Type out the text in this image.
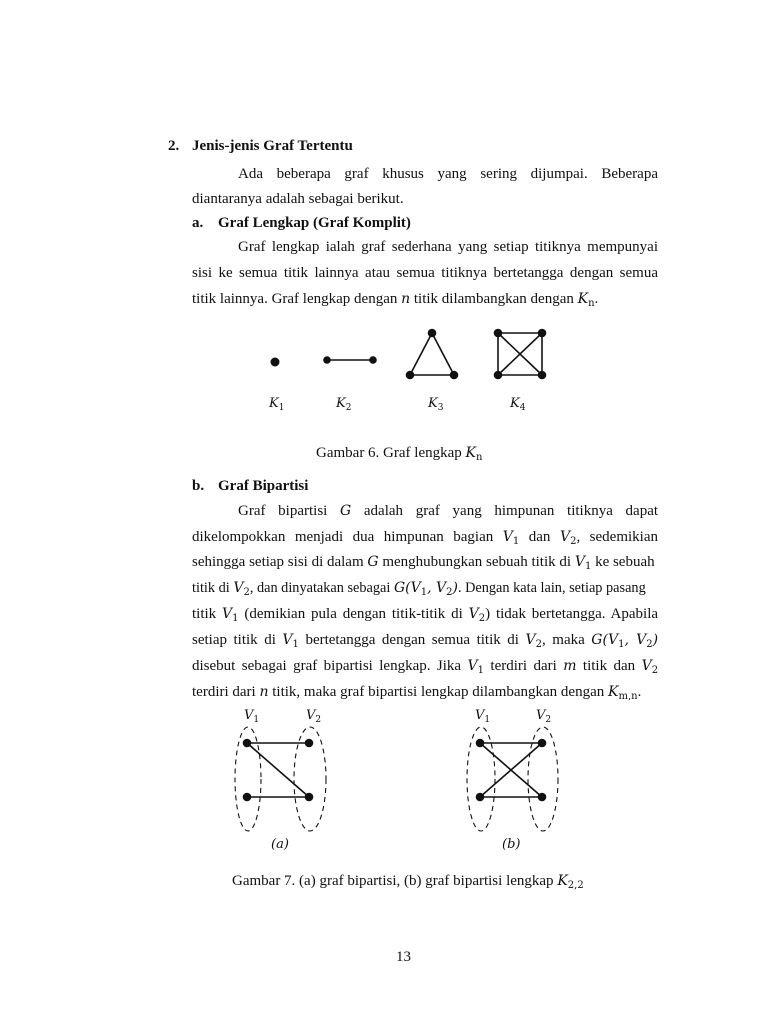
2. Jenis-jenis Graf Tertentu
Ada beberapa graf khusus yang sering dijumpai. Beberapa
diantaranya adalah sebagai berikut.
a. Graf Lengkap (Graf Komplit)
Graf lengkap ialah graf sederhana yang setiap titiknya mempunyai
sisi ke semua titik lainnya atau semua titiknya bertetangga dengan semua
titik lainnya. Graf lengkap dengan n titik dilambangkan dengan $K_n$.
$K_1$	$K_2$	$K_3$	$K_4$
Gambar 6. Graf lengkap $K_n$
b. Graf Bipartisi
Graf bipartisi G adalah graf yang himpunan titiknya dapat
dikelompokkan menjadi dua himpunan bagian $V_1$ dan $V_2$, sedemikian
sehingga setiap sisi di dalam G menghubungkan sebuah titik di $V_1$ ke sebuah
titik di $V_2$, dan dinyatakan sebagai $G(V_1$, $V_2$). Dengan kata lain, setiap pasang
titik $V_1$ (demikian pula dengan titik-titik di $V_2$) tidak bertetangga. Apabila
setiap titik di $V_1$ bertetangga dengan semua titik di $V_2$, maka $G(V_1$, $V_2$)
disebut sebagai graf bipartisi lengkap. Jika $V_1$ terdiri dari m titik dan $V_2$
terdiri dari n titik, maka graf bipartisi lengkap dilambangkan dengan $K_{m,n}$.
$V_1$	$V_2$	$V_1$	$V_2$
(a)	(b)
Gambar 7. (a) graf bipartisi, (b) graf bipartisi lengkap $K_{2,2}$
13
